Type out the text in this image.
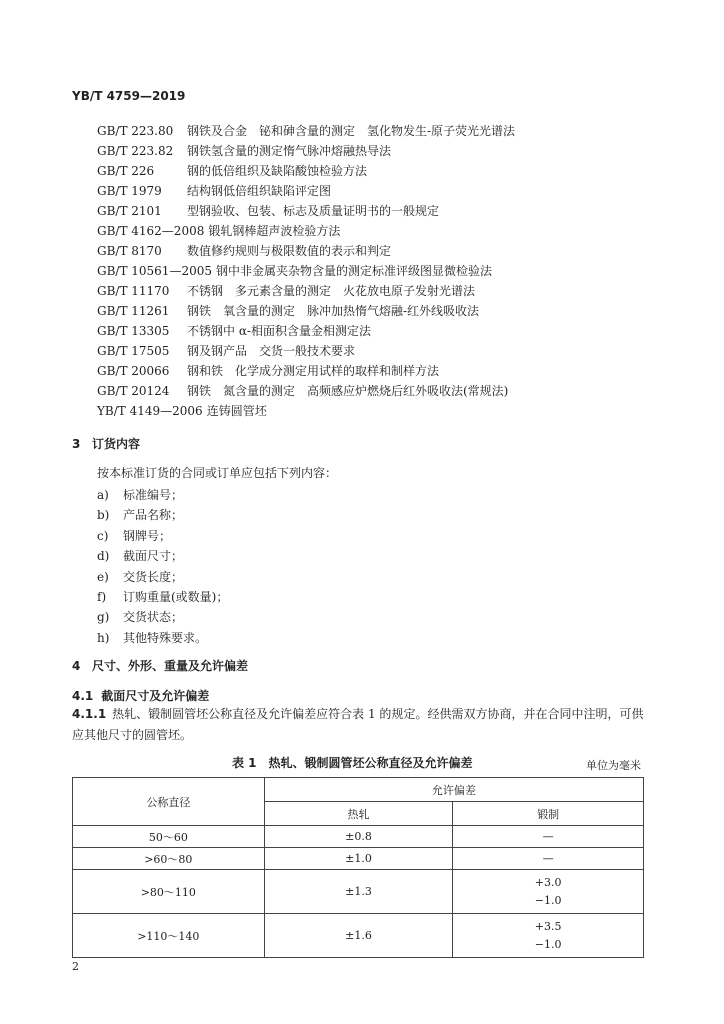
YB/T 4759—2019
GB/T 223.80 钢铁及合金　铋和砷含量的测定　氢化物发生-原子荧光光谱法
GB/T 223.82 钢铁氢含量的测定惰气脉冲熔融热导法
GB/T 226	钢的低倍组织及缺陷酸蚀检验方法
GB/T 1979 结构钢低倍组织缺陷评定图
GB/T 2101 型钢验收、包装、标志及质量证明书的一般规定
GB/T 4162—2008 锻轧钢棒超声波检验方法
GB/T 8170 数值修约规则与极限数值的表示和判定
GB/T 10561—2005 钢中非金属夹杂物含量的测定标准评级图显微检验法
GB/T 11170 不锈钢　多元素含量的测定　火花放电原子发射光谱法
GB/T 11261 钢铁　氧含量的测定　脉冲加热惰气熔融-红外线吸收法
GB/T 13305 不锈钢中 α-相面积含量金相测定法
GB/T 17505 钢及钢产品　交货一般技术要求
GB/T 20066 钢和铁　化学成分测定用试样的取样和制样方法
GB/T 20124 钢铁　氮含量的测定　高频感应炉燃烧后红外吸收法(常规法)
YB/T 4149—2006 连铸圆管坯
3 订货内容
按本标准订货的合同或订单应包括下列内容：
a) 标准编号；
b) 产品名称；
c) 钢牌号；
d) 截面尺寸；
e) 交货长度；
f) 订购重量(或数量)；
g) 交货状态；
h) 其他特殊要求。
4 尺寸、外形、重量及允许偏差
4.1 截面尺寸及允许偏差
4.1.1 热轧、锻制圆管坯公称直径及允许偏差应符合表 1 的规定。经供需双方协商，并在合同中注明，可供应其他尺寸的圆管坯。
表 1　热轧、锻制圆管坯公称直径及允许偏差	单位为毫米
公称直径	允许偏差	
	热轧	锻制
50～60	±0.8	—
>60～80	±1.0	—
>80～110	±1.3	+3.0
−1.0

>110～140	±1.6	+3.5
−1.0
2
